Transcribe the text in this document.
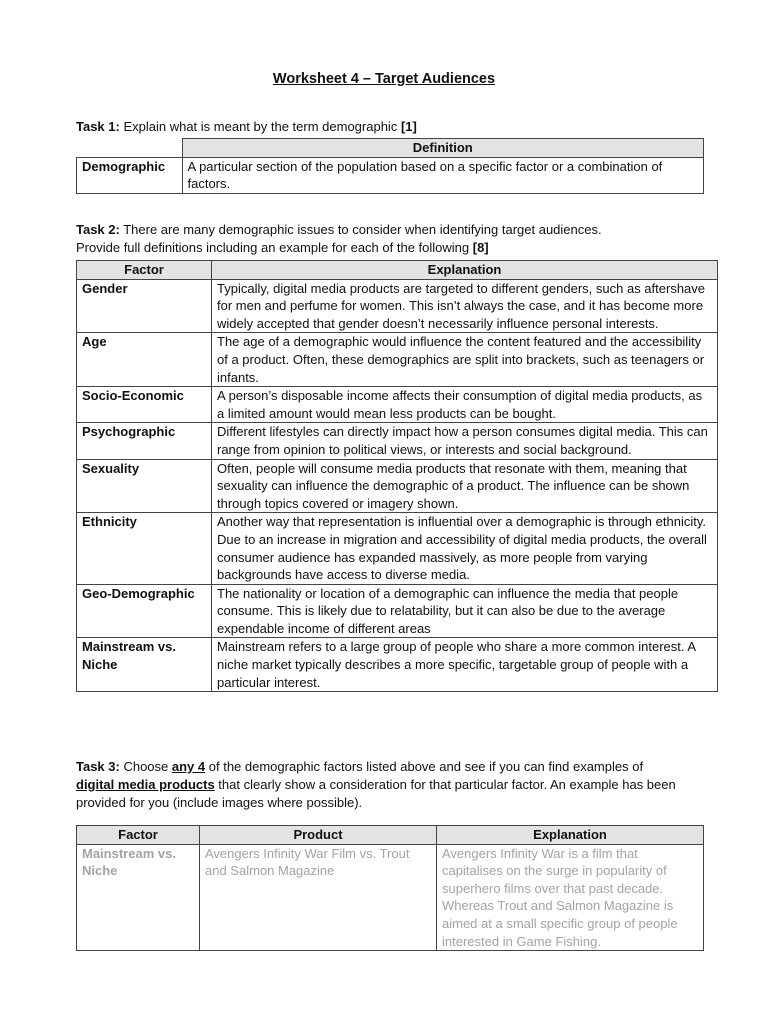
Worksheet 4 – Target Audiences
Task 1: Explain what is meant by the term demographic [1]
	Definition
Demographic	A particular section of the population based on a specific factor or a combination of factors.
Task 2: There are many demographic issues to consider when identifying target audiences.
Provide full definitions including an example for each of the following [8]
Factor	Explanation
Gender	Typically, digital media products are targeted to different genders, such as aftershave for men and perfume for women. This isn’t always the case, and it has become more widely accepted that gender doesn’t necessarily influence personal interests.
Age	The age of a demographic would influence the content featured and the accessibility of a product. Often, these demographics are split into brackets, such as teenagers or infants.
Socio-Economic	A person’s disposable income affects their consumption of digital media products, as a limited amount would mean less products can be bought.
Psychographic	Different lifestyles can directly impact how a person consumes digital media. This can range from opinion to political views, or interests and social background.
Sexuality	Often, people will consume media products that resonate with them, meaning that sexuality can influence the demographic of a product. The influence can be shown through topics covered or imagery shown.
Ethnicity	Another way that representation is influential over a demographic is through ethnicity. Due to an increase in migration and accessibility of digital media products, the overall consumer audience has expanded massively, as more people from varying backgrounds have access to diverse media.
Geo-Demographic	The nationality or location of a demographic can influence the media that people consume. This is likely due to relatability, but it can also be due to the average expendable income of different areas
Mainstream vs. Niche	Mainstream refers to a large group of people who share a more common interest. A niche market typically describes a more specific, targetable group of people with a particular interest.
Task 3: Choose any 4 of the demographic factors listed above and see if you can find examples of
digital media products that clearly show a consideration for that particular factor. An example has been provided for you (include images where possible).
Factor	Product	Explanation
Mainstream vs. Niche	Avengers Infinity War Film vs. Trout and Salmon Magazine	Avengers Infinity War is a film that capitalises on the surge in popularity of superhero films over that past decade. Whereas Trout and Salmon Magazine is aimed at a small specific group of people interested in Game Fishing.
